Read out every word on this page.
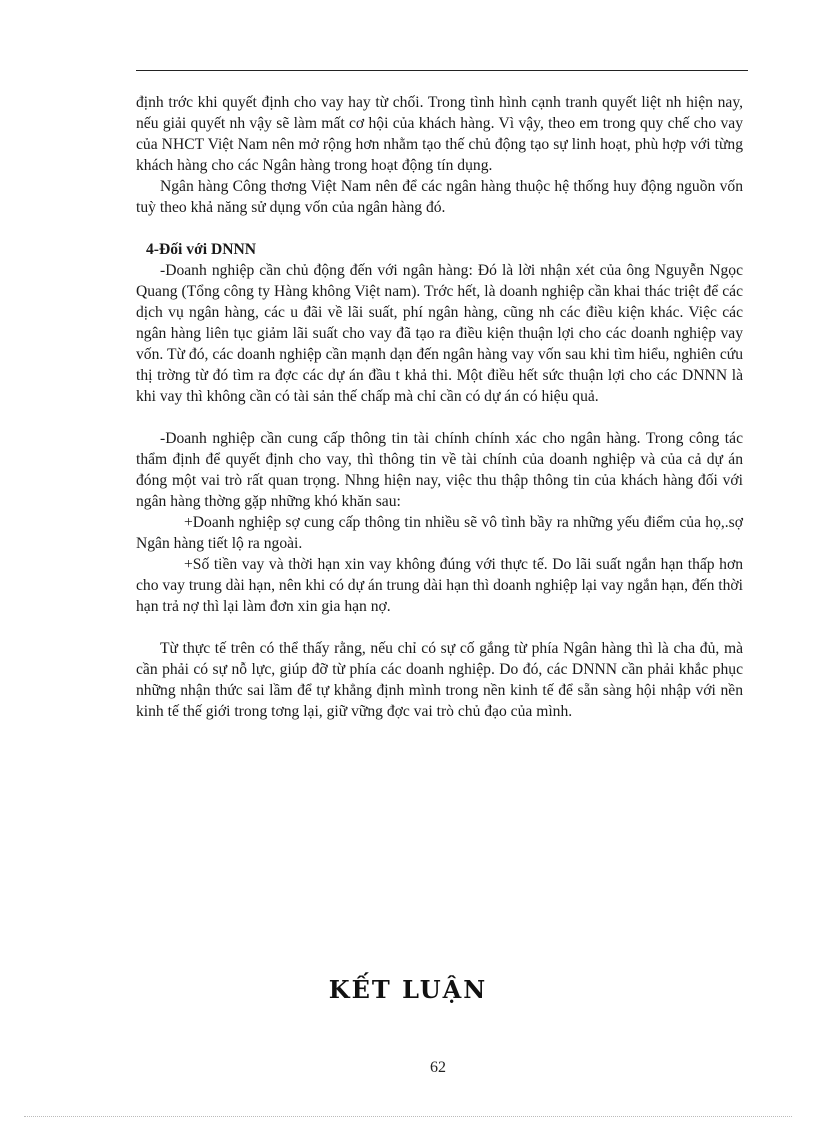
định trớc khi quyết định cho vay hay từ chối. Trong tình hình cạnh tranh quyết liệt nh hiện nay, nếu giải quyết nh vậy sẽ làm mất cơ hội của khách hàng. Vì vậy, theo em trong quy chế cho vay của NHCT Việt Nam nên mở rộng hơn nhằm tạo thế chủ động tạo sự linh hoạt, phù hợp với từng khách hàng cho các Ngân hàng trong hoạt động tín dụng.

Ngân hàng Công thơng Việt Nam nên để các ngân hàng thuộc hệ thống huy động nguồn vốn tuỳ theo khả năng sử dụng vốn của ngân hàng đó.

4-Đối với DNNN

-Doanh nghiệp cần chủ động đến với ngân hàng: Đó là lời nhận xét của ông Nguyễn Ngọc Quang (Tổng công ty Hàng không Việt nam). Trớc hết, là doanh nghiệp cần khai thác triệt để các dịch vụ ngân hàng, các u đãi về lãi suất, phí ngân hàng, cũng nh các điều kiện khác. Việc các ngân hàng liên tục giảm lãi suất cho vay đã tạo ra điều kiện thuận lợi cho các doanh nghiệp vay vốn. Từ đó, các doanh nghiệp cần mạnh dạn đến ngân hàng vay vốn sau khi tìm hiểu, nghiên cứu thị trờng từ đó tìm ra đợc các dự án đầu t khả thi. Một điều hết sức thuận lợi cho các DNNN là khi vay thì không cần có tài sản thế chấp mà chỉ cần có dự án có hiệu quả.

-Doanh nghiệp cần cung cấp thông tin tài chính chính xác cho ngân hàng. Trong công tác thẩm định để quyết định cho vay, thì thông tin về tài chính của doanh nghiệp và của cả dự án đóng một vai trò rất quan trọng. Nhng hiện nay, việc thu thập thông tin của khách hàng đối với ngân hàng thờng gặp những khó khăn sau:

+Doanh nghiệp sợ cung cấp thông tin nhiều sẽ vô tình bầy ra những yếu điểm của họ,.sợ Ngân hàng tiết lộ ra ngoài.

+Số tiền vay và thời hạn xin vay không đúng với thực tế. Do lãi suất ngắn hạn thấp hơn cho vay trung dài hạn, nên khi có dự án trung dài hạn thì doanh nghiệp lại vay ngắn hạn, đến thời hạn trả nợ thì lại làm đơn xin gia hạn nợ.

Từ thực tế trên có thể thấy rằng, nếu chỉ có sự cố gắng từ phía Ngân hàng thì là cha đủ, mà cần phải có sự nỗ lực, giúp đỡ từ phía các doanh nghiệp. Do đó, các DNNN cần phải khắc phục những nhận thức sai lầm để tự khẳng định mình trong nền kinh tế để sẵn sàng hội nhập với nền kinh tế thế giới trong tơng lại, giữ vững đợc vai trò chủ đạo của mình.

KẾT LUẬN
62
